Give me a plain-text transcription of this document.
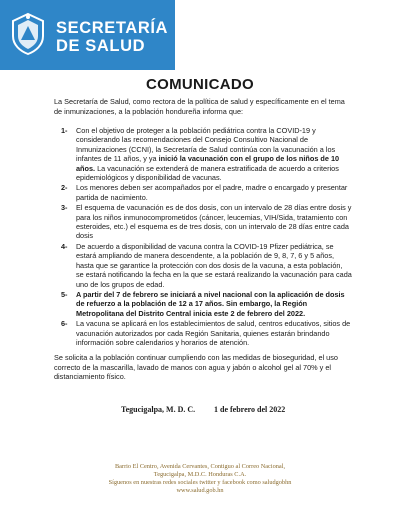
SECRETARÍA
DE SALUD
COMUNICADO
La Secretaría de Salud, como rectora de la política de salud y específicamente en el tema de inmunizaciones, a la población hondureña informa que:
1- Con el objetivo de proteger a la población pediátrica contra la COVID-19 y considerando las recomendaciones del Consejo Consultivo Nacional de Inmunizaciones (CCNI), la Secretaría de Salud continúa con la vacunación a los infantes de 11 años, y ya inició la vacunación con el grupo de los niños de 10 años. La vacunación se extenderá de manera estratificada de acuerdo a criterios epidemiológicos y disponibilidad de vacunas.
2- Los menores deben ser acompañados por el padre, madre o encargado y presentar partida de nacimiento.
3- El esquema de vacunación es de dos dosis, con un intervalo de 28 días entre dosis y para los niños inmunocomprometidos (cáncer, leucemias, VIH/Sida, tratamiento con esteroides, etc.) el esquema es de tres dosis, con un intervalo de 28 días entre cada dosis
4- De acuerdo a disponibilidad de vacuna contra la COVID-19 Pfizer pediátrica, se estará ampliando de manera descendente, a la población de 9, 8, 7, 6 y 5 años, hasta que se garantice la protección con dos dosis de la vacuna, a esta población, se estará notificando la fecha en la que se estará realizando la vacunación para cada uno de los grupos de edad.
5- A partir del 7 de febrero se iniciará a nivel nacional con la aplicación de dosis de refuerzo a la población de 12 a 17 años. Sin embargo, la Región Metropolitana del Distrito Central inicia este 2 de febrero del 2022.
6- La vacuna se aplicará en los establecimientos de salud, centros educativos, sitios de vacunación autorizados por cada Región Sanitaria, quienes estarán brindando información sobre calendarios y horarios de atención.
Se solicita a la población continuar cumpliendo con las medidas de bioseguridad, el uso correcto de la mascarilla, lavado de manos con agua y jabón o alcohol gel al 70% y el distanciamiento físico.
Tegucigalpa, M. D. C. 1 de febrero del 2022
Barrio El Centro, Avenida Cervantes, Contiguo al Correo Nacional,
Tegucigalpa, M.D.C. Honduras C.A.
Síguenos en nuestras redes sociales twitter y facebook como saludgobhn
www.salud.gob.hn
